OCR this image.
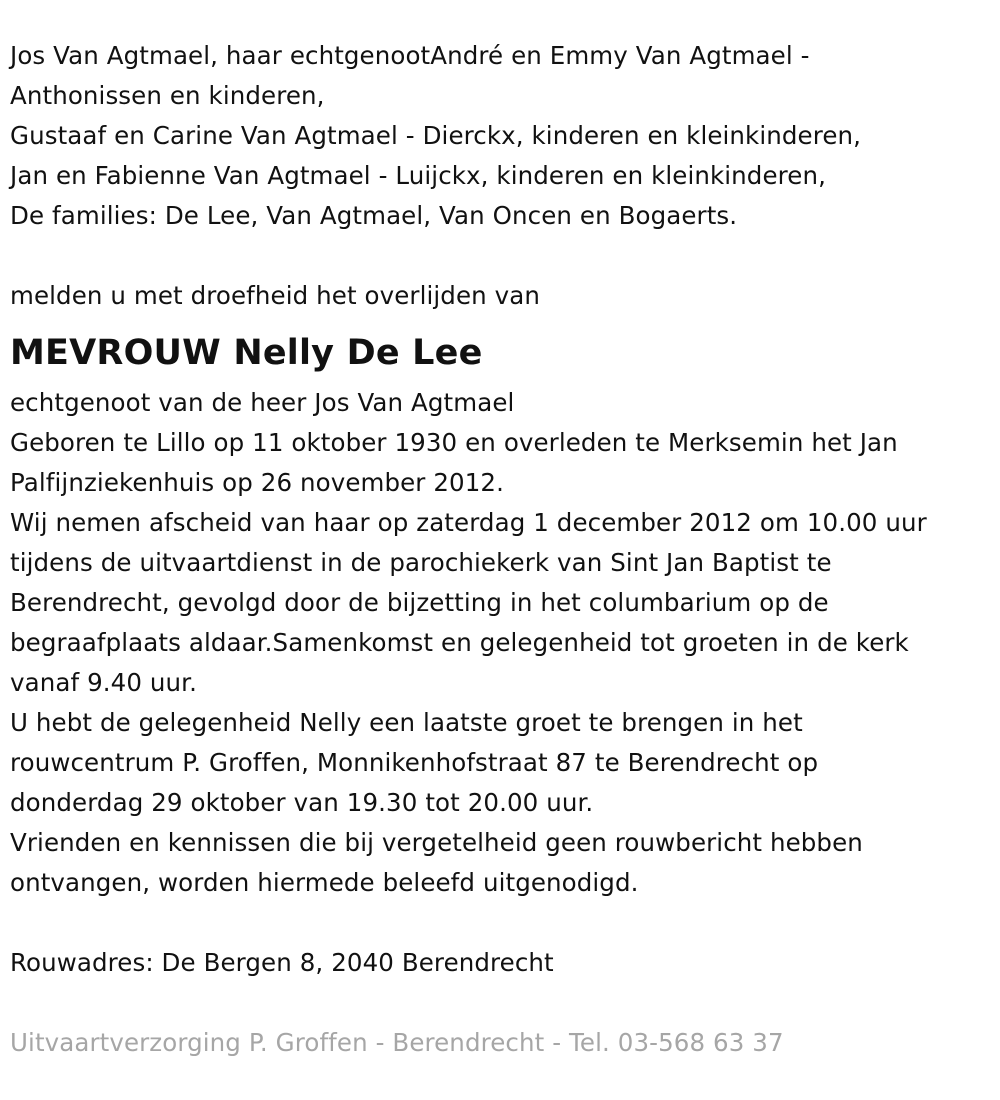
Jos Van Agtmael, haar echtgenootAndré en Emmy Van Agtmael -
Anthonissen en kinderen,
Gustaaf en Carine Van Agtmael - Dierckx, kinderen en kleinkinderen,
Jan en Fabienne Van Agtmael - Luijckx, kinderen en kleinkinderen,
De families: De Lee, Van Agtmael, Van Oncen en Bogaerts.
melden u met droefheid het overlijden van
MEVROUW Nelly De Lee
echtgenoot van de heer Jos Van Agtmael
Geboren te Lillo op 11 oktober 1930 en overleden te Merksemin het Jan
Palfijnziekenhuis op 26 november 2012.
Wij nemen afscheid van haar op zaterdag 1 december 2012 om 10.00 uur
tijdens de uitvaartdienst in de parochiekerk van Sint Jan Baptist te
Berendrecht, gevolgd door de bijzetting in het columbarium op de
begraafplaats aldaar.Samenkomst en gelegenheid tot groeten in de kerk
vanaf 9.40 uur.
U hebt de gelegenheid Nelly een laatste groet te brengen in het
rouwcentrum P. Groffen, Monnikenhofstraat 87 te Berendrecht op
donderdag 29 oktober van 19.30 tot 20.00 uur.
Vrienden en kennissen die bij vergetelheid geen rouwbericht hebben
ontvangen, worden hiermede beleefd uitgenodigd.
Rouwadres: De Bergen 8, 2040 Berendrecht
Uitvaartverzorging P. Groffen - Berendrecht - Tel. 03-568 63 37
